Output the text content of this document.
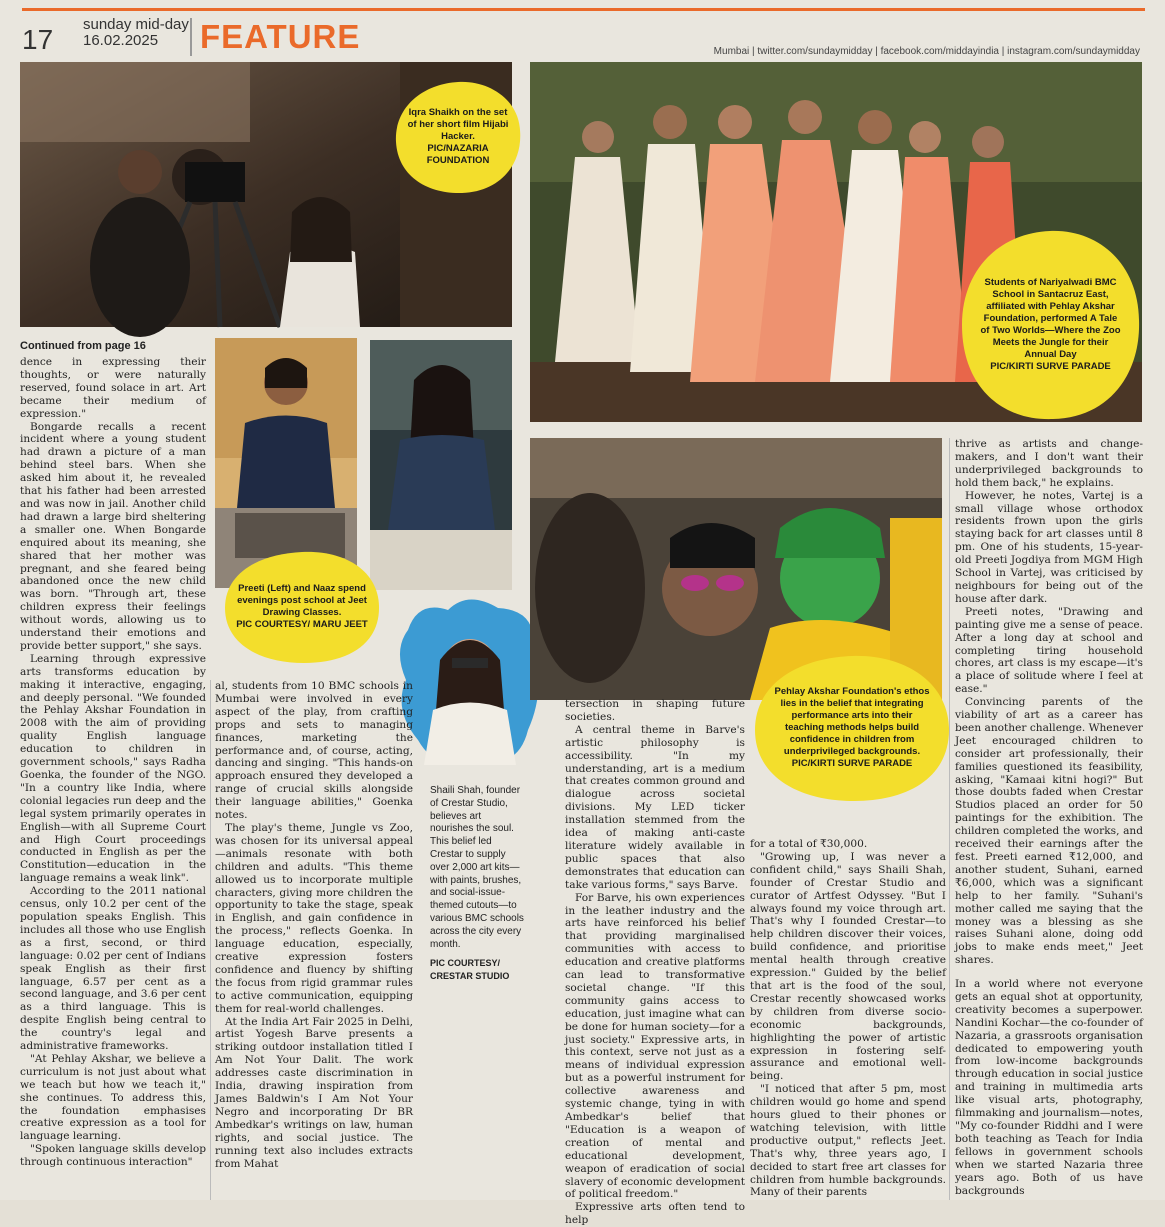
17 sunday mid-day
16.02.2025	FEATURE	Mumbai | twitter.com/sundaymidday | facebook.com/middayindia | instagram.com/sundaymidday
Iqra Shaikh on the set of her short film Hijabi Hacker.
PIC/NAZARIA FOUNDATION
Students of Nariyalwadi BMC School in Santacruz East, affiliated with Pehlay Akshar Foundation, performed A Tale of Two Worlds—Where the Zoo Meets the Jungle for their Annual Day
PIC/KIRTI SURVE PARADE
Preeti (Left) and Naaz spend evenings post school at Jeet Drawing Classes.
PIC COURTESY/ MARU JEET
Pehlay Akshar Foundation's ethos lies in the belief that integrating performance arts into their teaching methods helps build confidence in children from underprivileged backgrounds.
PIC/KIRTI SURVE PARADE
Continued from page 16

dence in expressing their thoughts, or were naturally reserved, found solace in art. Art became their medium of expression."

Bongarde recalls a recent incident where a young student had drawn a picture of a man behind steel bars. When she asked him about it, he revealed that his father had been arrested and was now in jail. Another child had drawn a large bird sheltering a smaller one. When Bongarde enquired about its meaning, she shared that her mother was pregnant, and she feared being abandoned once the new child was born. "Through art, these children express their feelings without words, allowing us to understand their emotions and provide better support," she says.

Learning through expressive arts transforms education by making it interactive, engaging, and deeply personal. "We founded the Pehlay Akshar Foundation in 2008 with the aim of providing quality English language education to children in government schools," says Radha Goenka, the founder of the NGO. "In a country like India, where colonial legacies run deep and the legal system primarily operates in English—with all Supreme Court and High Court proceedings conducted in English as per the Constitution—education in the language remains a weak link".

According to the 2011 national census, only 10.2 per cent of the population speaks English. This includes all those who use English as a first, second, or third language: 0.02 per cent of Indians speak English as their first language, 6.57 per cent as a second language, and 3.6 per cent as a third language. This is despite English being central to the country's legal and administrative frameworks.

"At Pehlay Akshar, we believe a curriculum is not just about what we teach but how we teach it," she continues. To address this, the foundation emphasises creative expression as a tool for language learning.

"Spoken language skills develop through continuous interaction"

al, students from 10 BMC schools in Mumbai were involved in every aspect of the play, from crafting props and sets to managing finances, marketing the performance and, of course, acting, dancing and singing. "This hands-on approach ensured they developed a range of crucial skills alongside their language abilities," Goenka notes.

The play's theme, Jungle vs Zoo, was chosen for its universal appeal—animals resonate with both children and adults. "This theme allowed us to incorporate multiple characters, giving more children the opportunity to take the stage, speak in English, and gain confidence in the process," reflects Goenka. In language education, especially, creative expression fosters confidence and fluency by shifting the focus from rigid grammar rules to active communication, equipping them for real-world challenges.

At the India Art Fair 2025 in Delhi, artist Yogesh Barve presents a striking outdoor installation titled I Am Not Your Dalit. The work addresses caste discrimination in India, drawing inspiration from James Baldwin's I Am Not Your Negro and incorporating Dr BR Ambedkar's writings on law, human rights, and social justice. The running text also includes extracts from Mahat

Shaili Shah, founder of Crestar Studio, believes art nourishes the soul. This belief led Crestar to supply over 2,000 art kits—with paints, brushes, and social-issue-themed cutouts—to various BMC schools across the city every month.
PIC COURTESY/ CRESTAR STUDIO

tersection in shaping future societies.

A central theme in Barve's artistic philosophy is accessibility. "In my understanding, art is a medium that creates common ground and dialogue across societal divisions. My LED ticker installation stemmed from the idea of making anti-caste literature widely available in public spaces that also demonstrates that education can take various forms," says Barve.

For Barve, his own experiences in the leather industry and the arts have reinforced his belief that providing marginalised communities with access to education and creative platforms can lead to transformative societal change. "If this community gains access to education, just imagine what can be done for human society—for a just society." Expressive arts, in this context, serve not just as a means of individual expression but as a powerful instrument for collective awareness and systemic change, tying in with Ambedkar's belief that "Education is a weapon of creation of mental and educational development, weapon of eradication of social slavery of economic development of political freedom."

Expressive arts often tend to help

for a total of ₹30,000.

"Growing up, I was never a confident child," says Shaili Shah, founder of Crestar Studio and curator of Artfest Odyssey. "But I always found my voice through art. That's why I founded Crestar—to help children discover their voices, build confidence, and prioritise mental health through creative expression." Guided by the belief that art is the food of the soul, Crestar recently showcased works by children from diverse socio-economic backgrounds, highlighting the power of artistic expression in fostering self-assurance and emotional well-being.

"I noticed that after 5 pm, most children would go home and spend hours glued to their phones or watching television, with little productive output," reflects Jeet. That's why, three years ago, I decided to start free art classes for children from humble backgrounds. Many of their parents

thrive as artists and change-makers, and I don't want their underprivileged backgrounds to hold them back," he explains.

However, he notes, Vartej is a small village whose orthodox residents frown upon the girls staying back for art classes until 8 pm. One of his students, 15-year-old Preeti Jogdiya from MGM High School in Vartej, was criticised by neighbours for being out of the house after dark.

Preeti notes, "Drawing and painting give me a sense of peace. After a long day at school and completing tiring household chores, art class is my escape—it's a place of solitude where I feel at ease."

Convincing parents of the viability of art as a career has been another challenge. Whenever Jeet encouraged children to consider art professionally, their families questioned its feasibility, asking, "Kamaai kitni hogi?" But those doubts faded when Crestar Studios placed an order for 50 paintings for the exhibition. The children completed the works, and received their earnings after the fest. Preeti earned ₹12,000, and another student, Suhani, earned ₹6,000, which was a significant help to her family. "Suhani's mother called me saying that the money was a blessing as she raises Suhani alone, doing odd jobs to make ends meet," Jeet shares.

In a world where not everyone gets an equal shot at opportunity, creativity becomes a superpower. Nandini Kochar—the co-founder of Nazaria, a grassroots organisation dedicated to empowering youth from low-income backgrounds through education in social justice and training in multimedia arts like visual arts, photography, filmmaking and journalism—notes, "My co-founder Riddhi and I were both teaching as Teach for India fellows in government schools when we started Nazaria three years ago. Both of us have backgrounds
